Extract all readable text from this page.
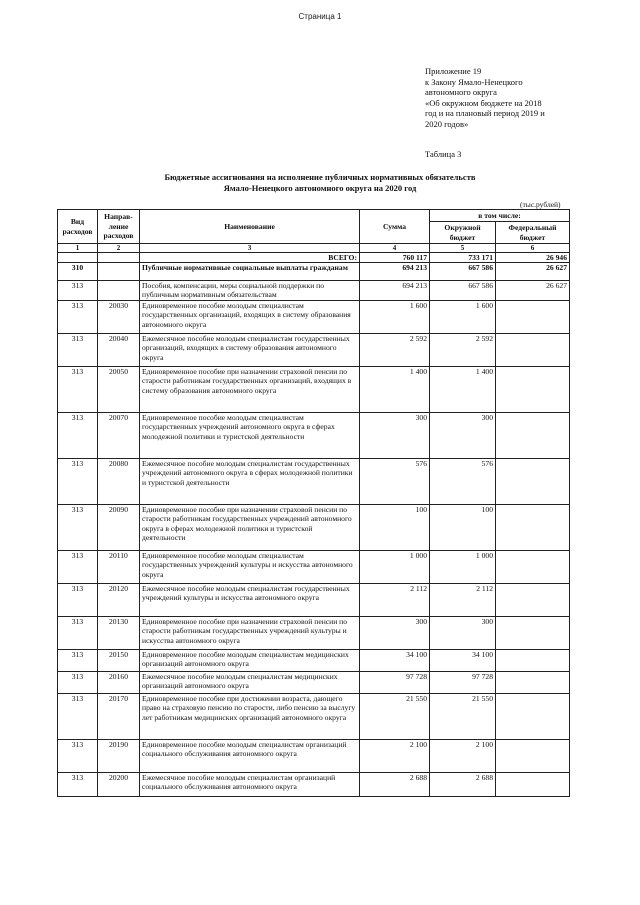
Страница 1
Приложение 19
к Закону Ямало-Ненецкого
автономного округа
«Об окружном бюджете на 2018
год и на плановый период 2019 и
2020 годов»
Таблица 3
Бюджетные ассигнования на исполнение публичных нормативных обязательств
Ямало-Ненецкого автономного округа на 2020 год
(тыс.рублей)
Вид расходов	Направ-ление расходов	Наименование	Сумма	в том числе:	
				Окружной бюджет	Федеральный бюджет
1	2	3	4	5	6
		ВСЕГО:	760 117	733 171	26 946
310		Публичные нормативные социальные выплаты гражданам	694 213	667 586	26 627
313		Пособия, компенсации, меры социальной поддержки по публичным нормативным обязательствам	694 213	667 586	26 627
313	20030	Единовременное пособие молодым специалистам государственных организаций, входящих в систему образования автономного округа	1 600	1 600	
313	20040	Ежемесячное пособие молодым специалистам государственных организаций, входящих в систему образования автономного округа	2 592	2 592	
313	20050	Единовременное пособие при назначении страховой пенсии по старости работникам государственных организаций, входящих в систему образования автономного округа	1 400	1 400	
313	20070	Единовременное пособие молодым специалистам государственных учреждений автономного округа в сферах молодежной политики и туристской деятельности	300	300	
313	20080	Ежемесячное пособие молодым специалистам государственных учреждений автономного округа в сферах молодежной политики и туристской деятельности	576	576	
313	20090	Единовременное пособие при назначении страховой пенсии по старости работникам государственных учреждений автономного округа в сферах молодежной политики и туристской деятельности	100	100	
313	20110	Единовременное пособие молодым специалистам государственных учреждений культуры и искусства автономного округа	1 000	1 000	
313	20120	Ежемесячное пособие молодым специалистам государственных учреждений культуры и искусства автономного округа	2 112	2 112	
313	20130	Единовременное пособие при назначении страховой пенсии по старости работникам государственных учреждений культуры и искусства автономного округа	300	300	
313	20150	Единовременное пособие молодым специалистам медицинских организаций автономного округа	34 100	34 100	
313	20160	Ежемесячное пособие молодым специалистам медицинских организаций автономного округа	97 728	97 728	
313	20170	Единовременное пособие при достижении возраста, дающего право на страховую пенсию по старости, либо пенсию за выслугу лет работникам медицинских организаций автономного округа	21 550	21 550	
313	20190	Единовременное пособие молодым специалистам организаций социального обслуживания автономного округа	2 100	2 100	
313	20200	Ежемесячное пособие молодым специалистам организаций социального обслуживания автономного округа	2 688	2 688	
